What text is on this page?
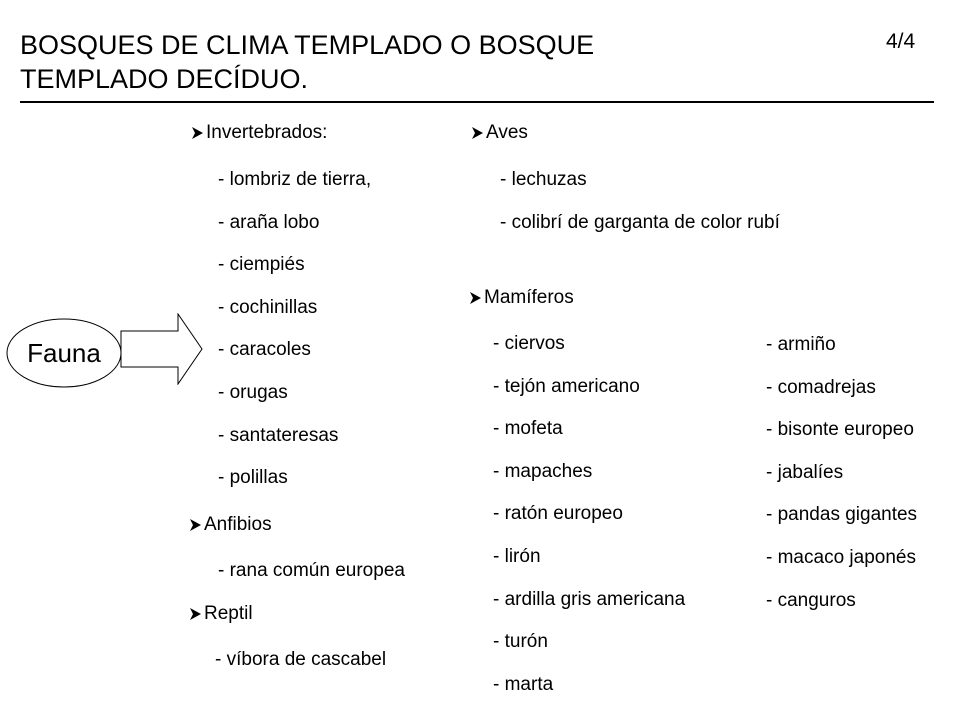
BOSQUES DE CLIMA TEMPLADO O BOSQUE
TEMPLADO DECÍDUO.
4/4
Fauna
Invertebrados:
- lombriz de tierra,
- araña lobo
- ciempiés
- cochinillas
- caracoles
- orugas
- santateresas
- polillas
Anfibios
- rana común europea
Reptil
- víbora de cascabel
Aves
- lechuzas
- colibrí de garganta de color rubí
Mamíferos
- ciervos
- tejón americano
- mofeta
- mapaches
- ratón europeo
- lirón
- ardilla gris americana
- turón
- marta
- armiño
- comadrejas
- bisonte europeo
- jabalíes
- pandas gigantes
- macaco japonés
- canguros
